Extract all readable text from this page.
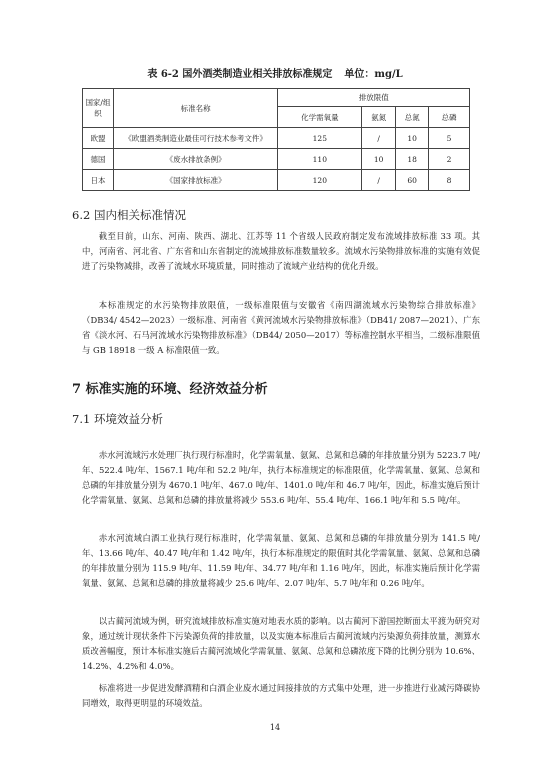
表 6-2 国外酒类制造业相关排放标准规定 单位：mg/L
国家/组织	标准名称	排放限值			
		化学需氧量	氨氮	总氮	总磷
欧盟	《欧盟酒类制造业最佳可行技术参考文件》	125	/	10	5
德国	《废水排放条例》	110	10	18	2
日本	《国家排放标准》	120	/	60	8
6.2 国内相关标准情况

截至目前，山东、河南、陕西、湖北、江苏等 11 个省级人民政府制定发布流域排放标准 33 项。其中，河南省、河北省、广东省和山东省制定的流域排放标准数量较多。流域水污染物排放标准的实施有效促进了污染物减排，改善了流域水环境质量，同时推动了流域产业结构的优化升级。

本标准规定的水污染物排放限值，一级标准限值与安徽省《南四湖流域水污染物综合排放标准》（DB34/ 4542—2023）一级标准、河南省《黄河流域水污染物排放标准》（DB41/ 2087—2021）、广东省《淡水河、石马河流域水污染物排放标准》（DB44/ 2050—2017）等标准控制水平相当，二级标准限值与 GB 18918 一级 A 标准限值一致。

7 标准实施的环境、经济效益分析
7.1 环境效益分析

赤水河流域污水处理厂执行现行标准时，化学需氧量、氨氮、总氮和总磷的年排放量分别为 5223.7 吨/年、522.4 吨/年、1567.1 吨/年和 52.2 吨/年，执行本标准规定的标准限值，化学需氧量、氨氮、总氮和总磷的年排放量分别为 4670.1 吨/年、467.0 吨/年、1401.0 吨/年和 46.7 吨/年，因此，标准实施后预计化学需氧量、氨氮、总氮和总磷的排放量将减少 553.6 吨/年、55.4 吨/年、166.1 吨/年和 5.5 吨/年。

赤水河流域白酒工业执行现行标准时，化学需氧量、氨氮、总氮和总磷的年排放量分别为 141.5 吨/年、13.66 吨/年、40.47 吨/年和 1.42 吨/年，执行本标准规定的限值时其化学需氧量、氨氮、总氮和总磷的年排放量分别为 115.9 吨/年、11.59 吨/年、34.77 吨/年和 1.16 吨/年，因此，标准实施后预计化学需氧量、氨氮、总氮和总磷的排放量将减少 25.6 吨/年、2.07 吨/年、5.7 吨/年和 0.26 吨/年。

以古蔺河流域为例，研究流域排放标准实施对地表水质的影响。以古蔺河下游国控断面太平渡为研究对象，通过统计现状条件下污染源负荷的排放量，以及实施本标准后古蔺河流域内污染源负荷排放量，测算水质改善幅度，预计本标准实施后古蔺河流域化学需氧量、氨氮、总氮和总磷浓度下降的比例分别为 10.6%、14.2%、4.2%和 4.0%。

标准将进一步促进发酵酒精和白酒企业废水通过间接排放的方式集中处理，进一步推进行业减污降碳协同增效，取得更明显的环境效益。

14
